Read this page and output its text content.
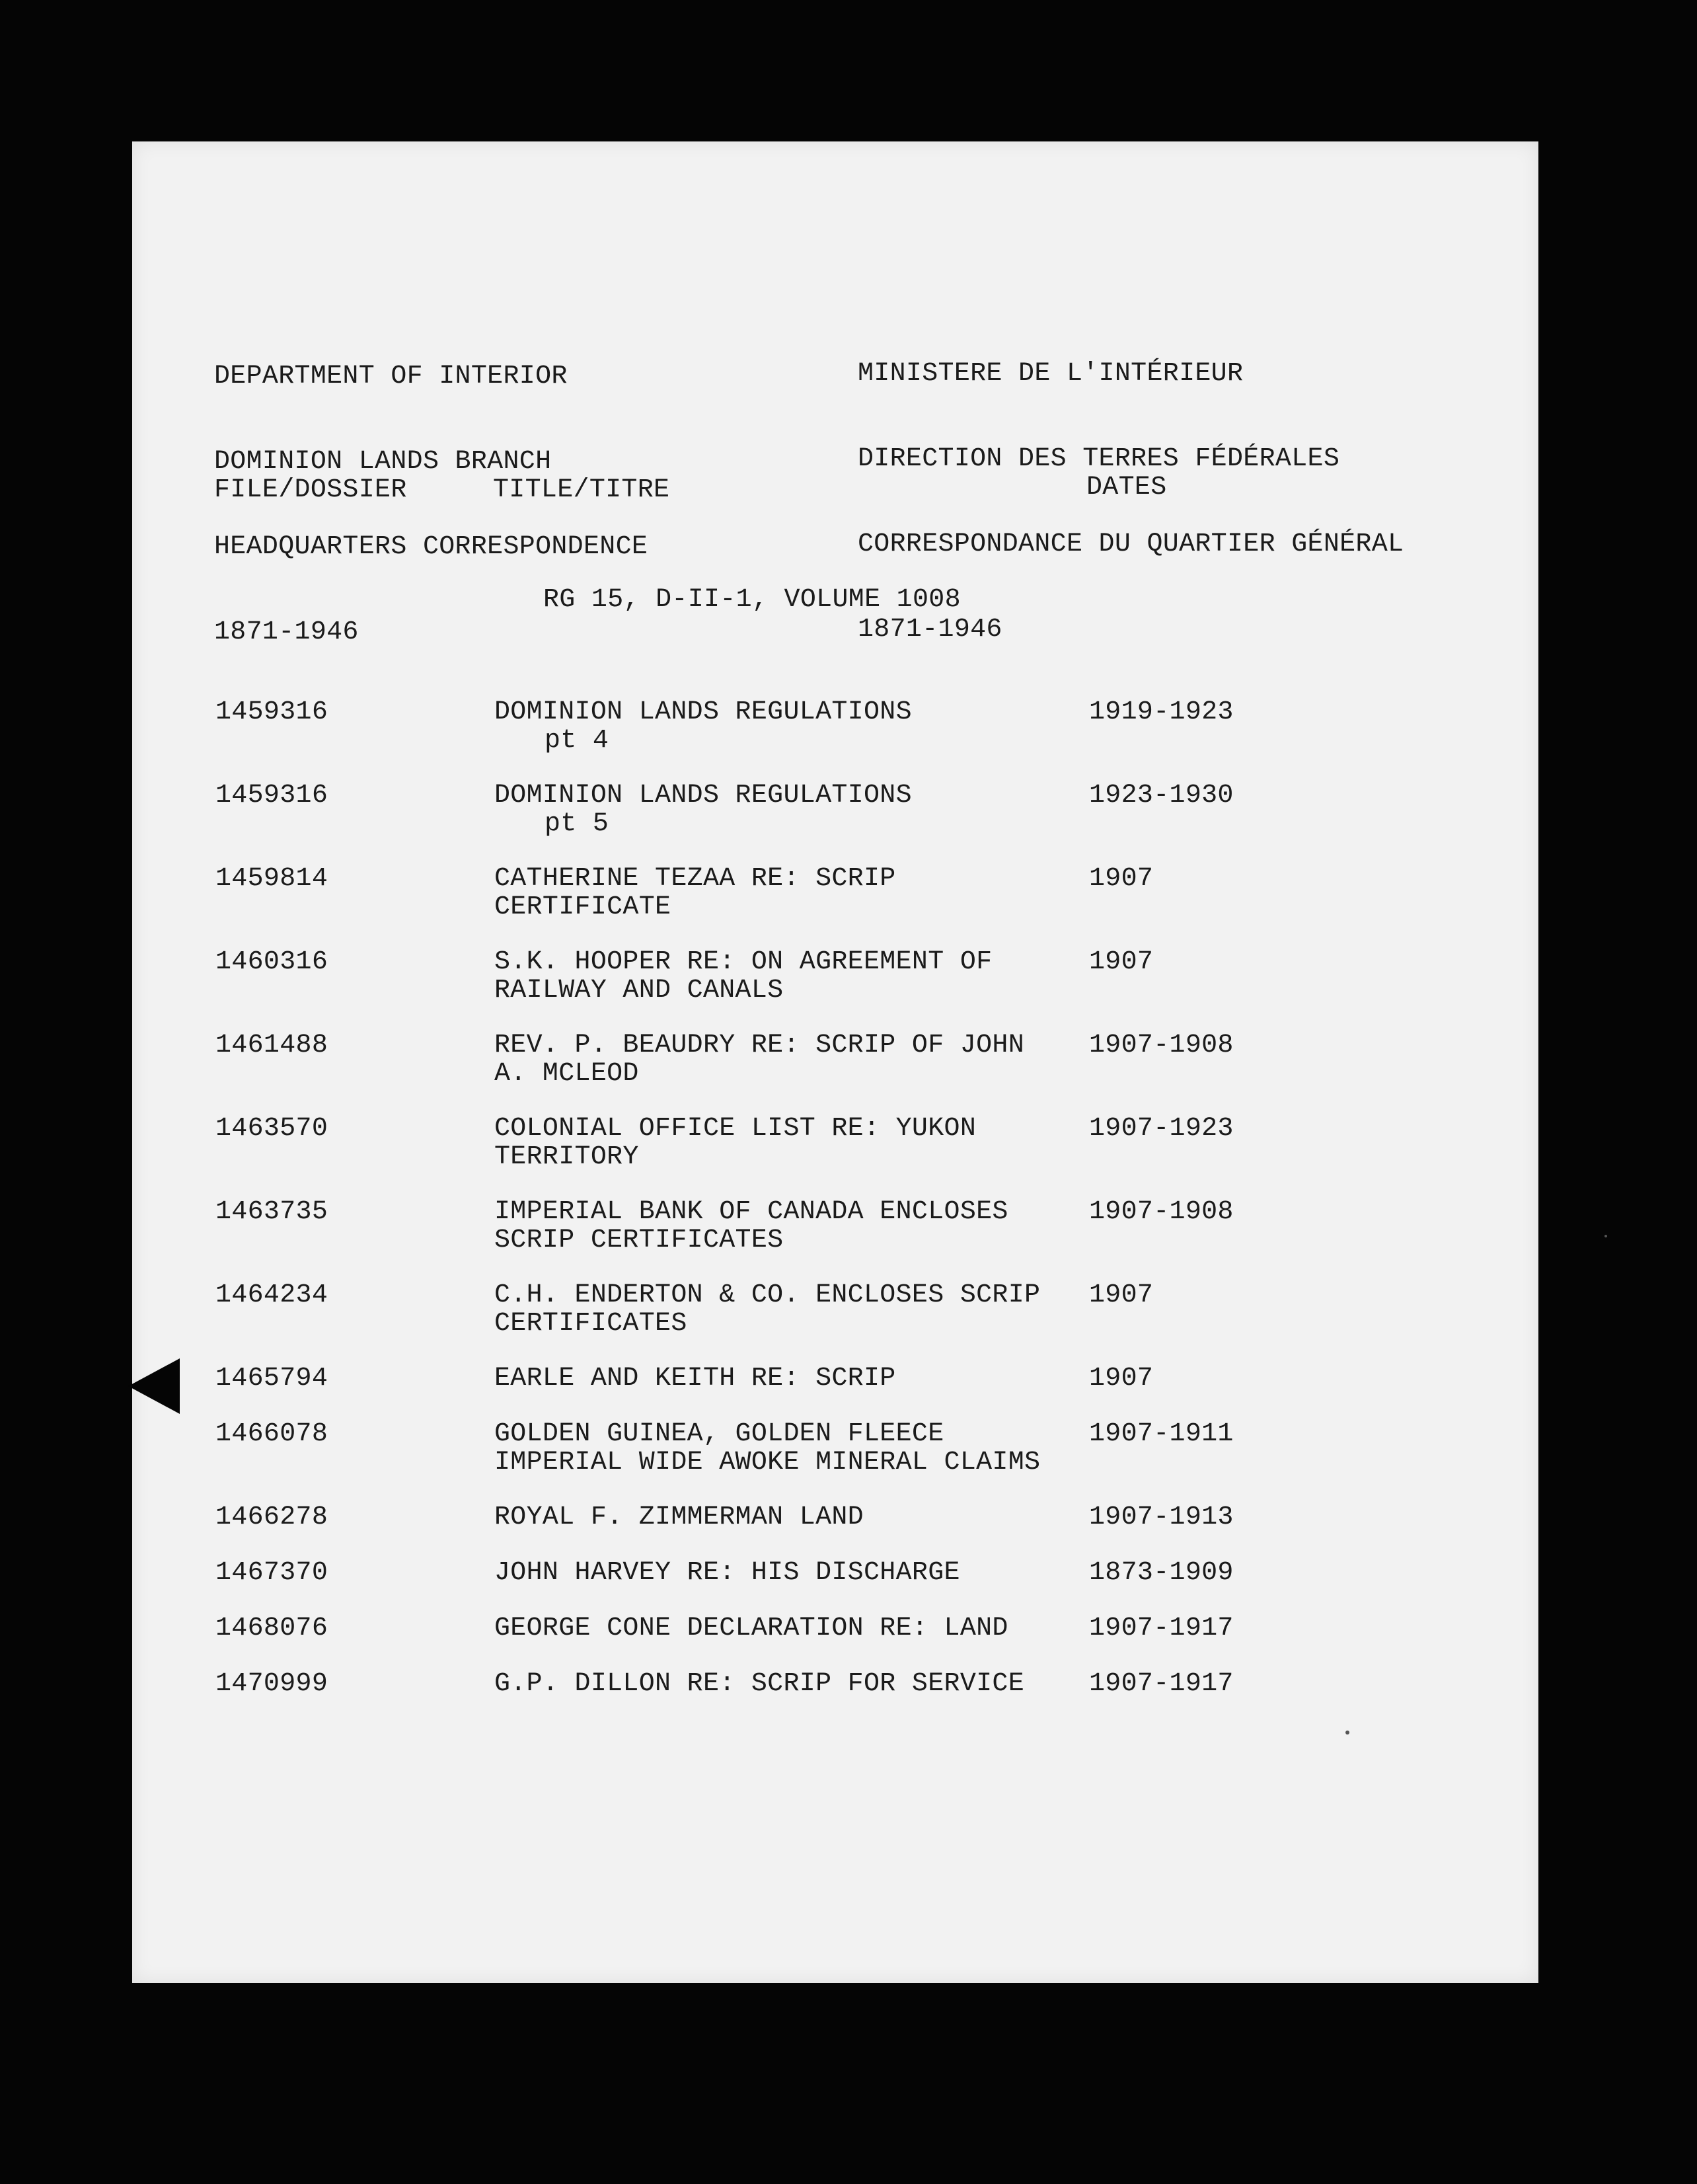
DEPARTMENT OF INTERIOR

DOMINION LANDS BRANCH

HEADQUARTERS CORRESPONDENCE

1871-1946

MINISTERE DE L'INTÉRIEUR

DIRECTION DES TERRES FÉDÉRALES

CORRESPONDANCE DU QUARTIER GÉNÉRAL

1871-1946

FILE/DOSSIER	TITLE/TITRE	DATES
RG 15, D-II-1, VOLUME 1008
1459316	DOMINION LANDS REGULATIONS
pt 4
1919-1923
1459316	DOMINION LANDS REGULATIONS
pt 5
1923-1930
1459814	CATHERINE TEZAA RE: SCRIP
CERTIFICATE
1907
1460316	S.K. HOOPER RE: ON AGREEMENT OF
RAILWAY AND CANALS
1907
1461488	REV. P. BEAUDRY RE: SCRIP OF JOHN
A. MCLEOD
1907-1908
1463570	COLONIAL OFFICE LIST RE: YUKON
TERRITORY
1907-1923
1463735	IMPERIAL BANK OF CANADA ENCLOSES
SCRIP CERTIFICATES
1907-1908
1464234	C.H. ENDERTON & CO. ENCLOSES SCRIP
CERTIFICATES
1907
1465794	EARLE AND KEITH RE: SCRIP	1907
1466078	GOLDEN GUINEA, GOLDEN FLEECE
IMPERIAL WIDE AWOKE MINERAL CLAIMS
1907-1911
1466278	ROYAL F. ZIMMERMAN LAND	1907-1913
1467370	JOHN HARVEY RE: HIS DISCHARGE	1873-1909
1468076	GEORGE CONE DECLARATION RE: LAND	1907-1917
1470999	G.P. DILLON RE: SCRIP FOR SERVICE 1907-1917
